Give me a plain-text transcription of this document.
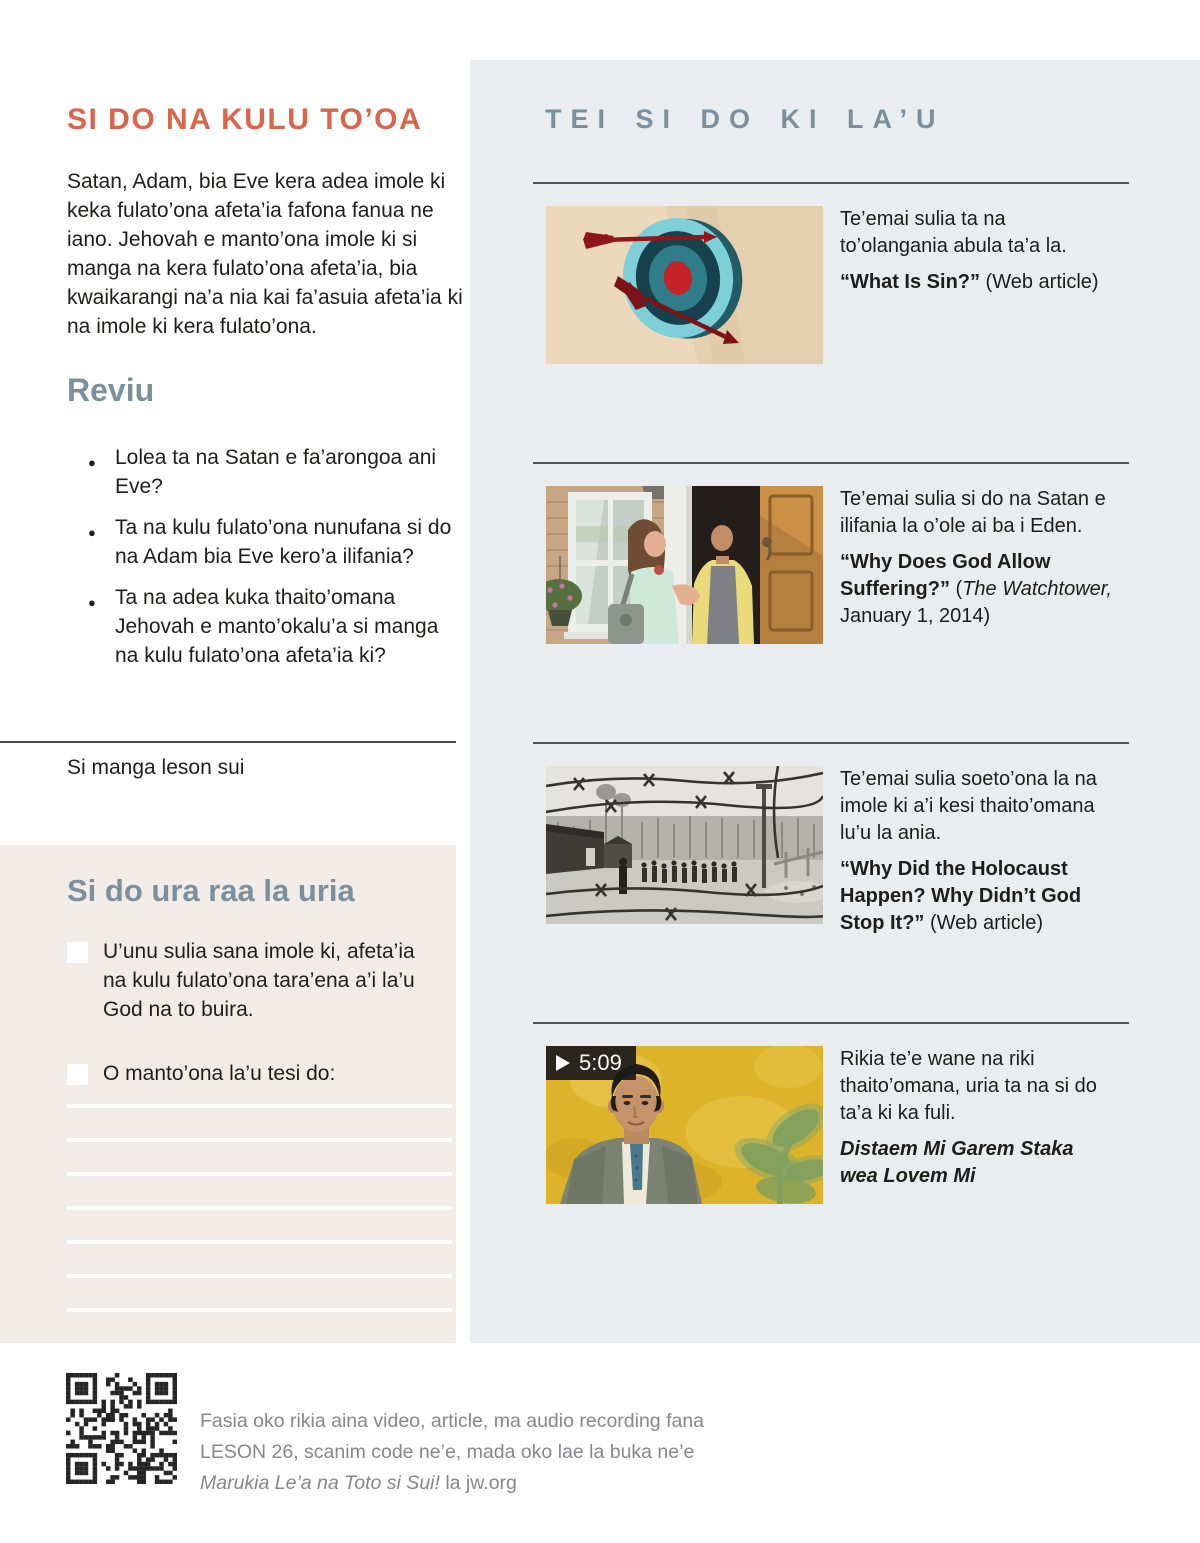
SI DO NA KULU TO’OA

Satan, Adam, bia Eve kera adea imole ki keka fulato’ona afeta’ia fafona fanua ne iano. Jehovah e manto’ona imole ki si manga na kera fulato’ona afeta’ia, bia kwaikarangi na’a nia kai fa’asuia afeta’ia ki na imole ki kera fulato’ona.

Reviu
● Lolea ta na Satan e fa’arongoa ani Eve?
● Ta na kulu fulato’ona nunufana si do na Adam bia Eve kero’a ilifania?
● Ta na adea kuka thaito’omana Jehovah e manto’okalu’a si manga na kulu fulato’ona afeta’ia ki?

Si manga leson sui

Si do ura raa la uria
U’unu sulia sana imole ki, afeta’ia na kulu fulato’ona tara’ena a’i la’u God na to buira.
O manto’ona la’u tesi do:
TEI SI DO KI LA’U

Te’emai sulia ta na to’olangania abula ta’a la.

“What Is Sin?” (Web article)

Te’emai sulia si do na Satan e ilifania la o’ole ai ba i Eden.

“Why Does God Allow Suffering?” (The Watchtower, January 1, 2014)

Te’emai sulia soeto’ona la na imole ki a’i kesi thaito’omana lu’u la ania.

“Why Did the Holocaust Happen? Why Didn’t God Stop It?” (Web article)

5:09	Rikia te’e wane na riki thaito’omana, uria ta na si do ta’a ki ka fuli.

Distaem Mi Garem Staka wea Lovem Mi

Fasia oko rikia aina video, article, ma audio recording fana
LESON 26, scanim code ne’e, mada oko lae la buka ne’e
Marukia Le’a na Toto si Sui! la jw.org
